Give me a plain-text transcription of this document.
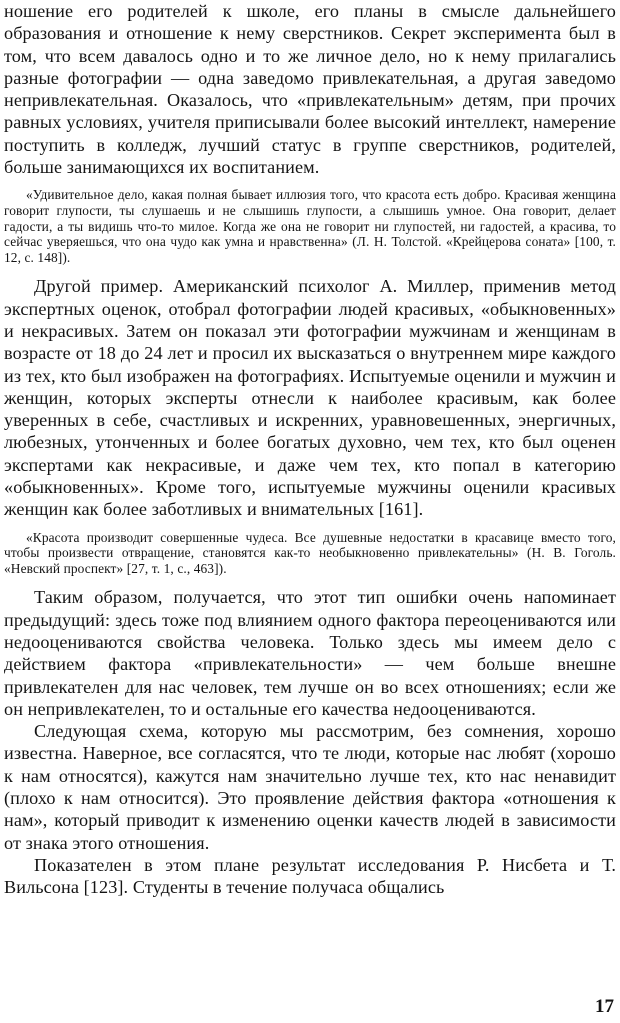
ношение его родителей к школе, его планы в смысле дальнейшего образования и отношение к нему сверстников. Секрет эксперимента был в том, что всем давалось одно и то же личное дело, но к нему прилагались разные фотографии — одна заведомо привлекательная, а другая заведомо непривлекательная. Оказалось, что «привлекательным» детям, при прочих равных условиях, учителя приписывали более высокий интеллект, намерение поступить в колледж, лучший статус в группе сверстников, родителей, больше занимающихся их воспитанием.

«Удивительное дело, какая полная бывает иллюзия того, что красота есть добро. Красивая женщина говорит глупости, ты слушаешь и не слышишь глупости, а слышишь умное. Она говорит, делает гадости, а ты видишь что-то милое. Когда же она не говорит ни глупостей, ни гадостей, а красива, то сейчас уверяешься, что она чудо как умна и нравственна» (Л. Н. Толстой. «Крейцерова соната» [100, т. 12, с. 148]).

Другой пример. Американский психолог А. Миллер, применив метод экспертных оценок, отобрал фотографии людей красивых, «обыкновенных» и некрасивых. Затем он показал эти фотографии мужчинам и женщинам в возрасте от 18 до 24 лет и просил их высказаться о внутреннем мире каждого из тех, кто был изображен на фотографиях. Испытуемые оценили и мужчин и женщин, которых эксперты отнесли к наиболее красивым, как более уверенных в себе, счастливых и искренних, уравновешенных, энергичных, любезных, утонченных и более богатых духовно, чем тех, кто был оценен экспертами как некрасивые, и даже чем тех, кто попал в категорию «обыкновенных». Кроме того, испытуемые мужчины оценили красивых женщин как более заботливых и внимательных [161].

«Красота производит совершенные чудеса. Все душевные недостатки в красавице вместо того, чтобы произвести отвращение, становятся как-то необыкновенно привлекательны» (Н. В. Гоголь. «Невский проспект» [27, т. 1, с., 463]).

Таким образом, получается, что этот тип ошибки очень напоминает предыдущий: здесь тоже под влиянием одного фактора переоцениваются или недооцениваются свойства человека. Только здесь мы имеем дело с действием фактора «привлекательности» — чем больше внешне привлекателен для нас человек, тем лучше он во всех отношениях; если же он непривлекателен, то и остальные его качества недооцениваются.

Следующая схема, которую мы рассмотрим, без сомнения, хорошо известна. Наверное, все согласятся, что те люди, которые нас любят (хорошо к нам относятся), кажутся нам значительно лучше тех, кто нас ненавидит (плохо к нам относится). Это проявление действия фактора «отношения к нам», который приводит к изменению оценки качеств людей в зависимости от знака этого отношения.

Показателен в этом плане результат исследования Р. Нисбета и Т. Вильсона [123]. Студенты в течение получаса общались

17
